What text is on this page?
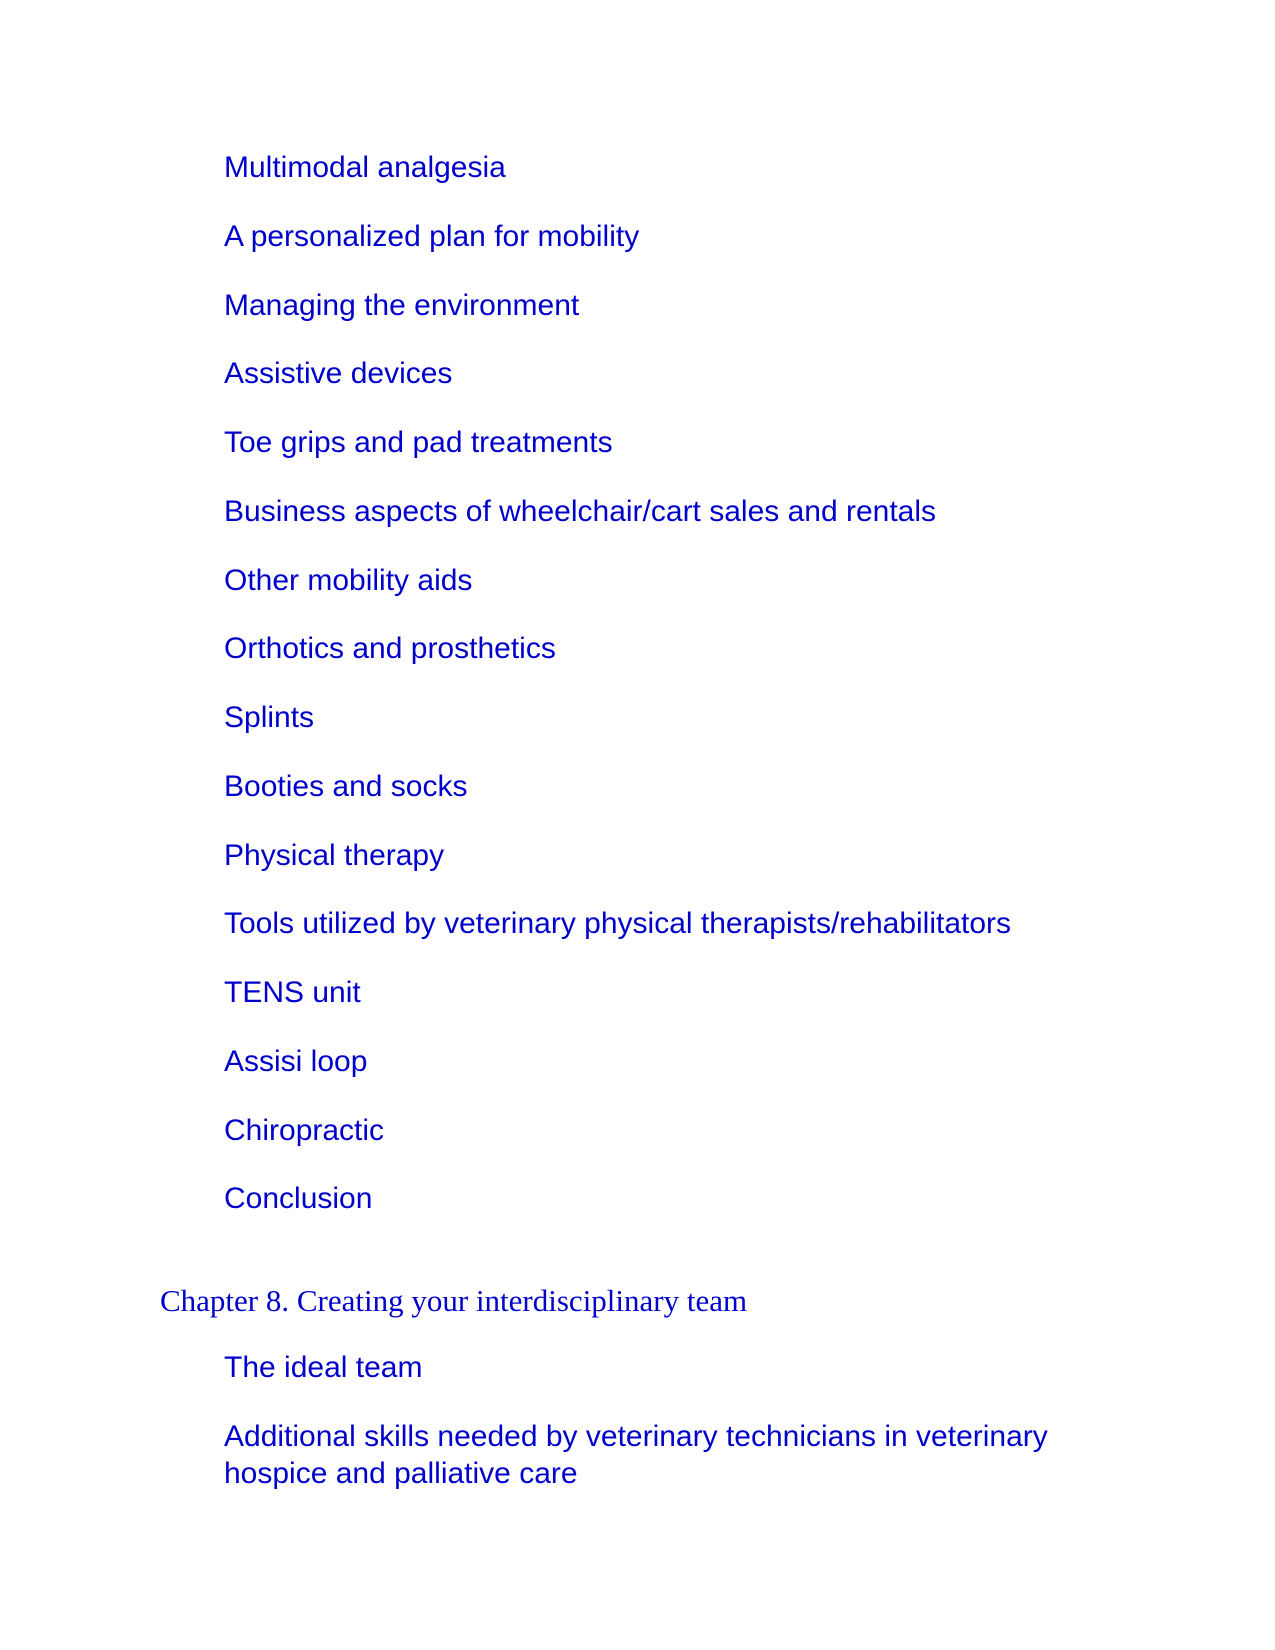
Multimodal analgesia
A personalized plan for mobility
Managing the environment
Assistive devices
Toe grips and pad treatments
Business aspects of wheelchair/cart sales and rentals
Other mobility aids
Orthotics and prosthetics
Splints
Booties and socks
Physical therapy
Tools utilized by veterinary physical therapists/rehabilitators
TENS unit
Assisi loop
Chiropractic
Conclusion
Chapter 8. Creating your interdisciplinary team
The ideal team
Additional skills needed by veterinary technicians in veterinary hospice and palliative care
